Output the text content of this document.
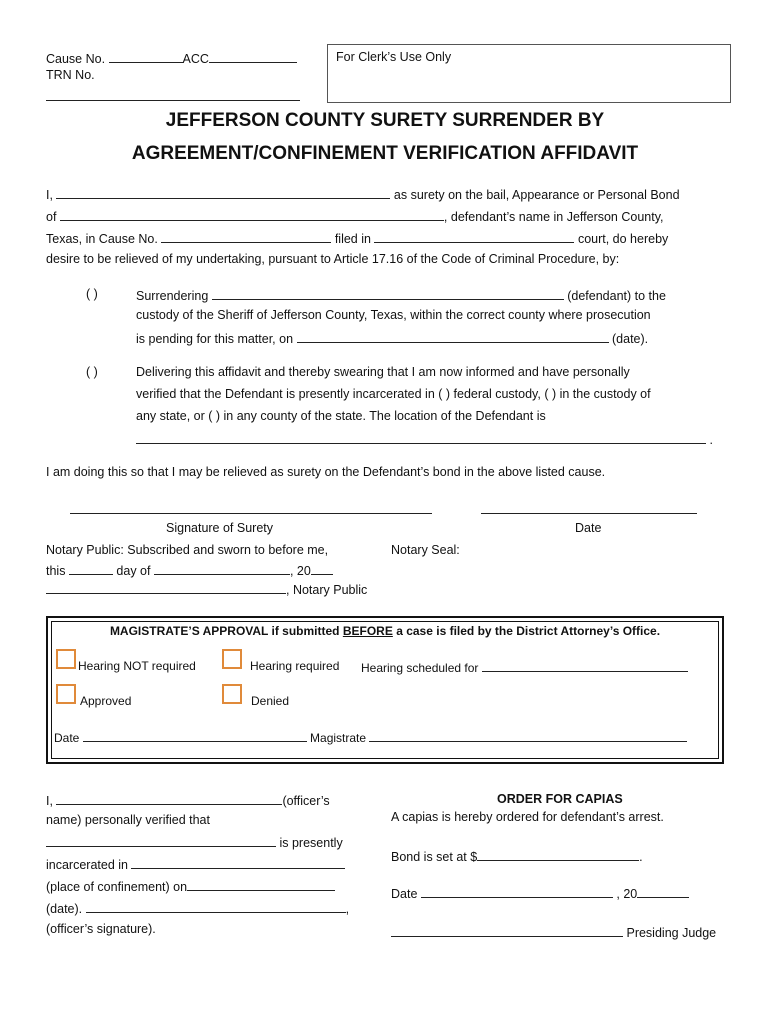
Cause No.	ACC
TRN No.
For Clerk’s Use Only
JEFFERSON COUNTY SURETY SURRENDER BY
AGREEMENT/CONFINEMENT VERIFICATION AFFIDAVIT
I,	as surety on the bail, Appearance or Personal Bond
of	, defendant’s name in Jefferson County,
Texas, in Cause No.	filed in	court, do hereby
desire to be relieved of my undertaking, pursuant to Article 17.16 of the Code of Criminal Procedure, by:
( )	Surrendering	(defendant) to the
custody of the Sheriff of Jefferson County, Texas, within the correct county where prosecution
is pending for this matter, on	(date).
( )	Delivering this affidavit and thereby swearing that I am now informed and have personally
verified that the Defendant is presently incarcerated in ( ) federal custody, ( ) in the custody of
any state, or ( ) in any county of the state. The location of the Defendant is
.
I am doing this so that I may be relieved as surety on the Defendant’s bond in the above listed cause.
Signature of Surety	Date
Notary Public: Subscribed and sworn to before me,	Notary Seal:
this	day of	, 20
, Notary Public
MAGISTRATE’S APPROVAL if submitted BEFORE a case is filed by the District Attorney’s Office.
Hearing NOT required	Hearing required Hearing scheduled for
Approved	Denied
Date	Magistrate
I,	(officer’s
name) personally verified that
is presently
incarcerated in
(place of confinement) on
(date).	,
(officer’s signature).
ORDER FOR CAPIAS
A capias is hereby ordered for defendant’s arrest.
Bond is set at $	.
Date	, 20
Presiding Judge
